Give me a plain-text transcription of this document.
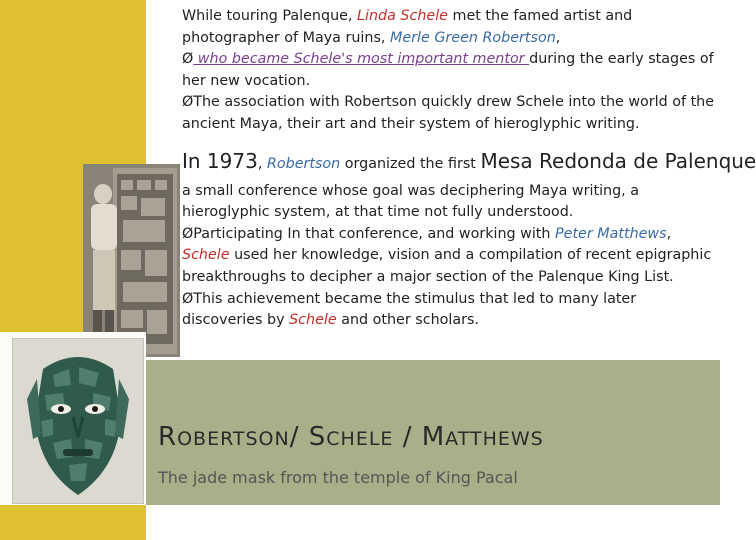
While touring Palenque, Linda Schele met the famed artist and photographer of Maya ruins, Merle Green Robertson,

Ø who became Schele's most important mentor during the early stages of her new vocation.

ØThe association with Robertson quickly drew Schele into the world of the ancient Maya, their art and their system of hieroglyphic writing.

In 1973, Robertson organized the first Mesa Redonda de Palenque

a small conference whose goal was deciphering Maya writing, a hieroglyphic system, at that time not fully understood.

ØParticipating In that conference, and working with Peter Matthews, Schele used her knowledge, vision and a compilation of recent epigraphic breakthroughs to decipher a major section of the Palenque King List.

ØThis achievement became the stimulus that led to many later discoveries by Schele and other scholars.

ROBERTSON/ SCHELE / MATTHEWS
The jade mask from the temple of King Pacal
